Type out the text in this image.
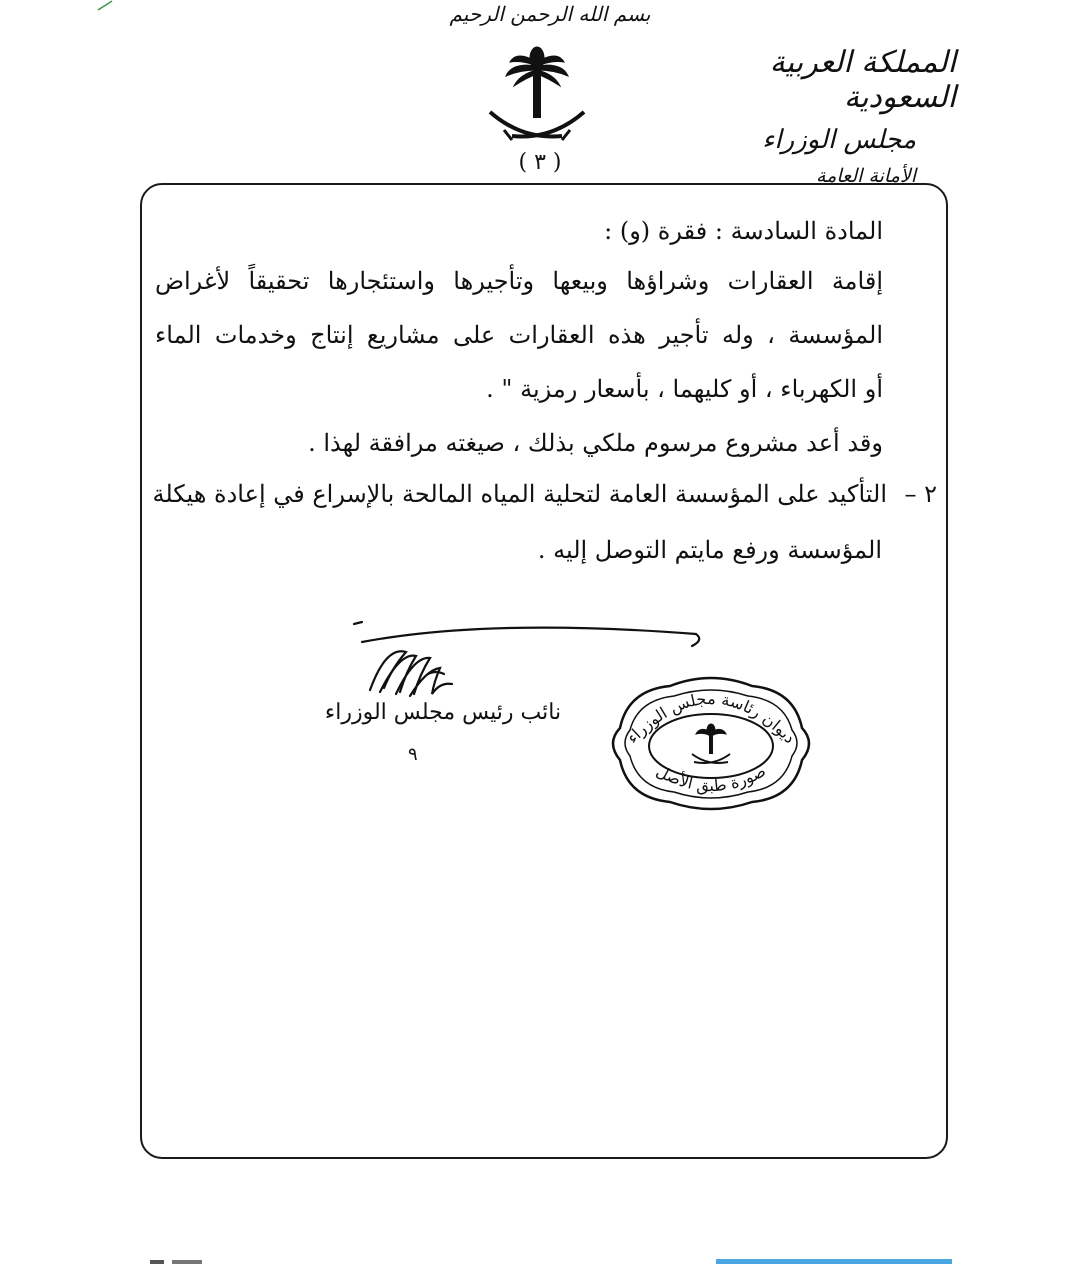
بسم الله الرحمن الرحيم
( ٣ )
المملكة العربية السعودية
مجلس الوزراء
الأمانة العامة
المادة السادسة : فقرة (و) :
إقامة العقارات وشراؤها وبيعها وتأجيرها واستئجارها تحقيقاً لأغراض
المؤسسة ، وله تأجير هذه العقارات على مشاريع إنتاج وخدمات الماء
أو الكهرباء ، أو كليهما ، بأسعار رمزية " .
وقد أعد مشروع مرسوم ملكي بذلك ، صيغته مرافقة لهذا .
٢ –التأكيد على المؤسسة العامة لتحلية المياه المالحة بالإسراع في إعادة هيكلة
المؤسسة ورفع مايتم التوصل إليه .
نائب رئيس مجلس الوزراء
٩
ديوان رئاسة مجلس الوزراء
صورة طبق الأصل
